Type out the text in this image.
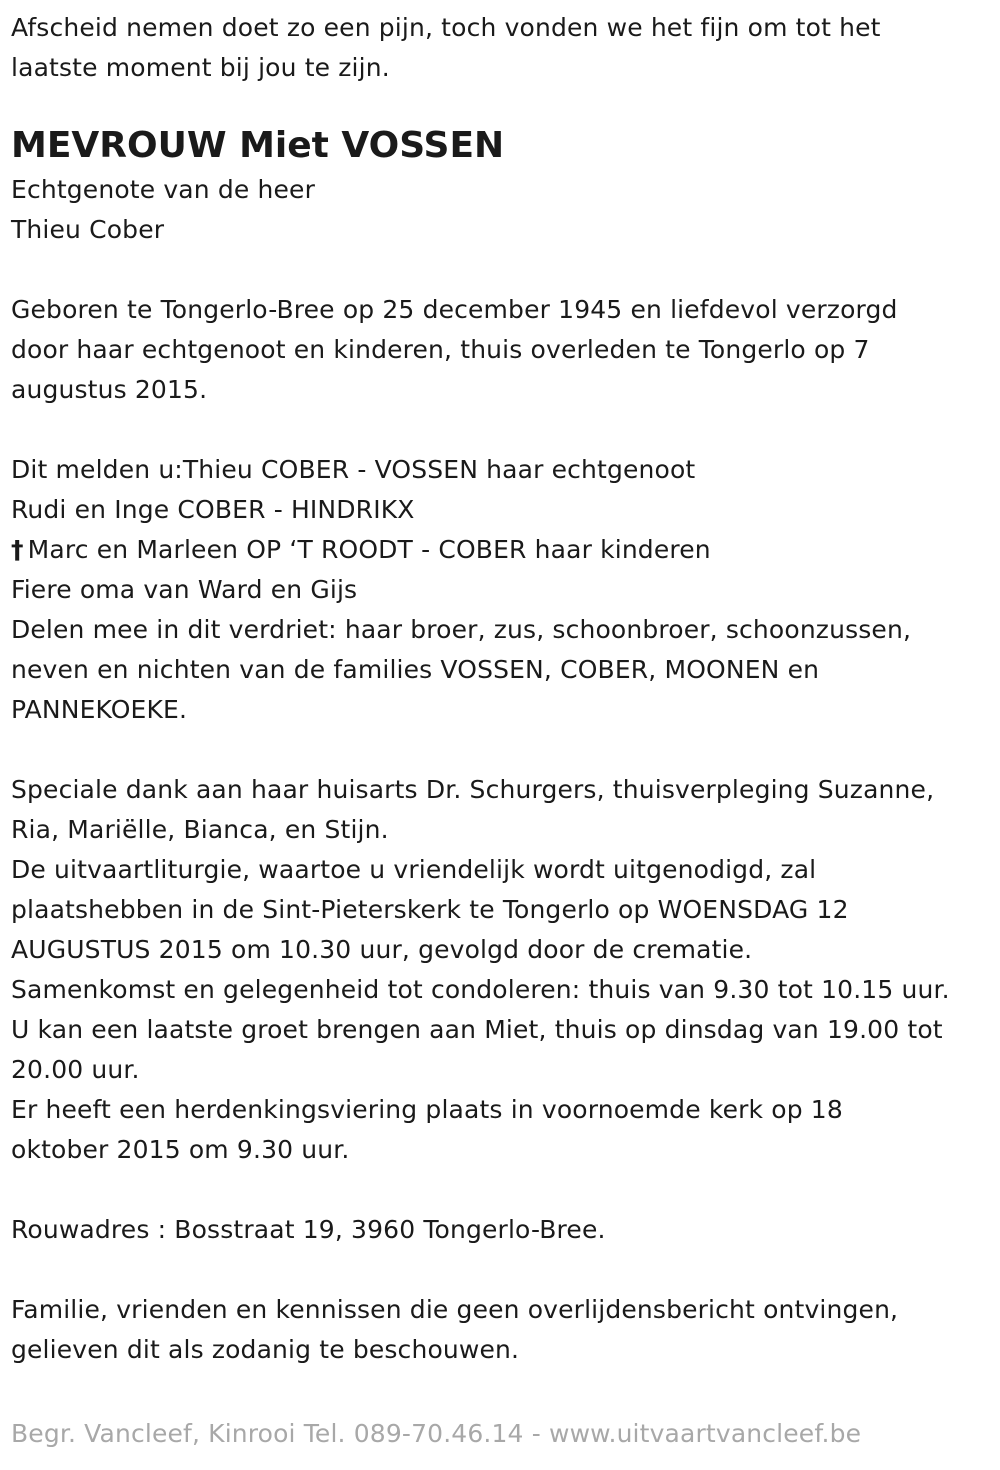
Afscheid nemen doet zo een pijn, toch vonden we het fijn om tot het
laatste moment bij jou te zijn.
MEVROUW Miet VOSSEN
Echtgenote van de heer
Thieu Cober
Geboren te Tongerlo-Bree op 25 december 1945 en liefdevol verzorgd
door haar echtgenoot en kinderen, thuis overleden te Tongerlo op 7
augustus 2015.
Dit melden u:Thieu COBER - VOSSEN haar echtgenoot
Rudi en Inge COBER - HINDRIKX
† Marc en Marleen OP ‘T ROODT - COBER haar kinderen
Fiere oma van Ward en Gijs
Delen mee in dit verdriet: haar broer, zus, schoonbroer, schoonzussen,
neven en nichten van de families VOSSEN, COBER, MOONEN en
PANNEKOEKE.
Speciale dank aan haar huisarts Dr. Schurgers, thuisverpleging Suzanne,
Ria, Mariëlle, Bianca, en Stijn.
De uitvaartliturgie, waartoe u vriendelijk wordt uitgenodigd, zal
plaatshebben in de Sint-Pieterskerk te Tongerlo op WOENSDAG 12
AUGUSTUS 2015 om 10.30 uur, gevolgd door de crematie.
Samenkomst en gelegenheid tot condoleren: thuis van 9.30 tot 10.15 uur.
U kan een laatste groet brengen aan Miet, thuis op dinsdag van 19.00 tot
20.00 uur.
Er heeft een herdenkingsviering plaats in voornoemde kerk op 18
oktober 2015 om 9.30 uur.
Rouwadres : Bosstraat 19, 3960 Tongerlo-Bree.
Familie, vrienden en kennissen die geen overlijdensbericht ontvingen,
gelieven dit als zodanig te beschouwen.
Begr. Vancleef, Kinrooi Tel. 089-70.46.14 - www.uitvaartvancleef.be
